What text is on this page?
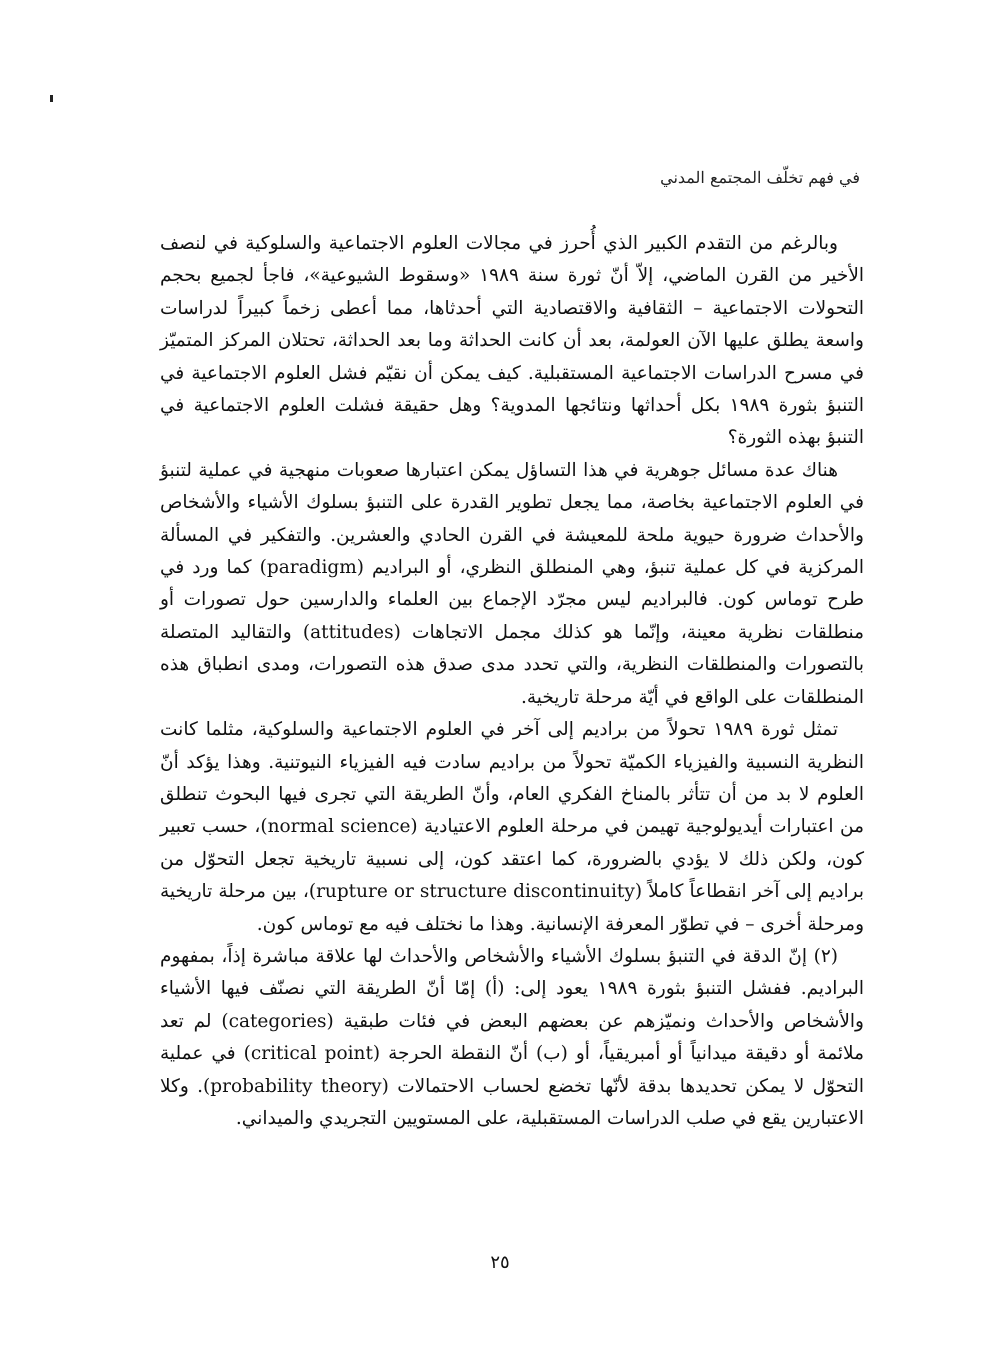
في فهم تخلّف المجتمع المدني

وبالرغم من التقدم الكبير الذي أُحرز في مجالات العلوم الاجتماعية والسلوكية في لنصف الأخير من القرن الماضي، إلاّ أنّ ثورة سنة ١٩٨٩ «وسقوط الشيوعية»، فاجأ لجميع بحجم التحولات الاجتماعية – الثقافية والاقتصادية التي أحدثاها، مما أعطى زخماً كبيراً لدراسات واسعة يطلق عليها الآن العولمة، بعد أن كانت الحداثة وما بعد الحداثة، تحتلان المركز المتميّز في مسرح الدراسات الاجتماعية المستقبلية. كيف يمكن أن نقيّم فشل العلوم الاجتماعية في التنبؤ بثورة ١٩٨٩ بكل أحداثها ونتائجها المدوية؟ وهل حقيقة فشلت العلوم الاجتماعية في التنبؤ بهذه الثورة؟

هناك عدة مسائل جوهرية في هذا التساؤل يمكن اعتبارها صعوبات منهجية في عملية لتنبؤ في العلوم الاجتماعية بخاصة، مما يجعل تطوير القدرة على التنبؤ بسلوك الأشياء والأشخاص والأحداث ضرورة حيوية ملحة للمعيشة في القرن الحادي والعشرين. والتفكير في المسألة المركزية في كل عملية تنبؤ، وهي المنطلق النظري، أو البراديم (paradigm) كما ورد في طرح توماس كون. فالبراديم ليس مجرّد الإجماع بين العلماء والدارسين حول تصورات أو منطلقات نظرية معينة، وإنّما هو كذلك مجمل الاتجاهات (attitudes) والتقاليد المتصلة بالتصورات والمنطلقات النظرية، والتي تحدد مدى صدق هذه التصورات، ومدى انطباق هذه المنطلقات على الواقع في أيّة مرحلة تاريخية.

تمثل ثورة ١٩٨٩ تحولاً من براديم إلى آخر في العلوم الاجتماعية والسلوكية، مثلما كانت النظرية النسبية والفيزياء الكميّة تحولاً من براديم سادت فيه الفيزياء النيوتنية. وهذا يؤكد أنّ العلوم لا بد من أن تتأثر بالمناخ الفكري العام، وأنّ الطريقة التي تجرى فيها البحوث تنطلق من اعتبارات أيديولوجية تهيمن في مرحلة العلوم الاعتيادية (normal science)، حسب تعبير كون، ولكن ذلك لا يؤدي بالضرورة، كما اعتقد كون، إلى نسبية تاريخية تجعل التحوّل من براديم إلى آخر انقطاعاً كاملاً (rupture or structure discontinuity)، بين مرحلة تاريخية ومرحلة أخرى – في تطوّر المعرفة الإنسانية. وهذا ما نختلف فيه مع توماس كون.

(٢) إنّ الدقة في التنبؤ بسلوك الأشياء والأشخاص والأحداث لها علاقة مباشرة إذاً، بمفهوم البراديم. ففشل التنبؤ بثورة ١٩٨٩ يعود إلى: (أ) إمّا أنّ الطريقة التي نصنّف فيها الأشياء والأشخاص والأحداث ونميّزهم عن بعضهم البعض في فئات طبقية (categories) لم تعد ملائمة أو دقيقة ميدانياً أو أمبريقياً، أو (ب) أنّ النقطة الحرجة (critical point) في عملية التحوّل لا يمكن تحديدها بدقة لأنّها تخضع لحساب الاحتمالات (probability theory). وكلا الاعتبارين يقع في صلب الدراسات المستقبلية، على المستويين التجريدي والميداني.

٢٥
